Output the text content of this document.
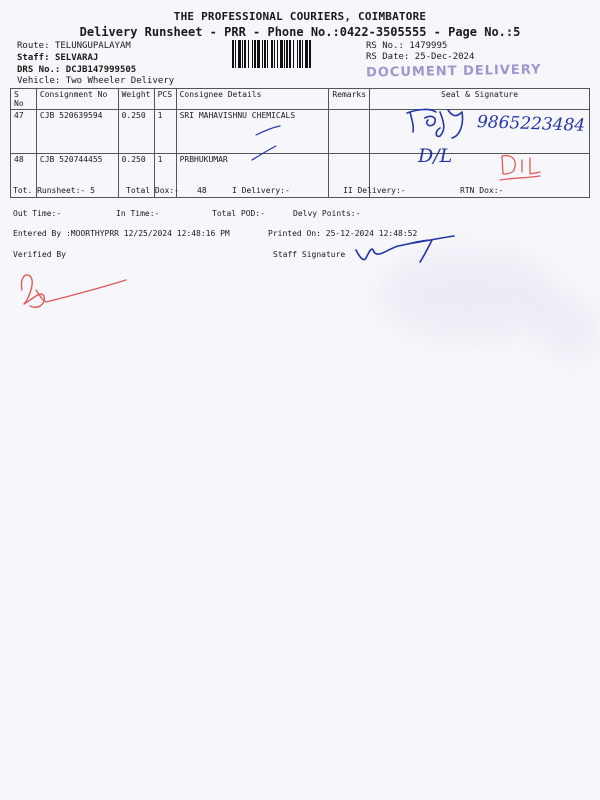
THE PROFESSIONAL COURIERS, COIMBATORE
Delivery Runsheet - PRR - Phone No.:0422-3505555 - Page No.:5
Route: TELUNGUPALAYAM
Staff: SELVARAJ
DRS No.: DCJB147999505
Vehicle: Two Wheeler Delivery
RS No.: 1479995
RS Date: 25-Dec-2024
DOCUMENT DELIVERY
S No	Consignment No	Weight	PCS	Consignee Details	Remarks	Seal & Signature
47	CJB 520639594	0.250	1	SRI MAHAVISHNU CHEMICALS		
48	CJB 520744455	0.250	1	PRBHUKUMAR		
9865223484
D/L
Tot. Runsheet:- 5	Total Dox:- 48	I Delivery:-	II Delivery:-	RTN Dox:-
Out Time:-	In Time:-	Total POD:-	Delvy Points:-
Entered By :MOORTHYPRR 12/25/2024 12:48:16 PM	Printed On: 25-12-2024 12:48:52
Verified By	Staff Signature
